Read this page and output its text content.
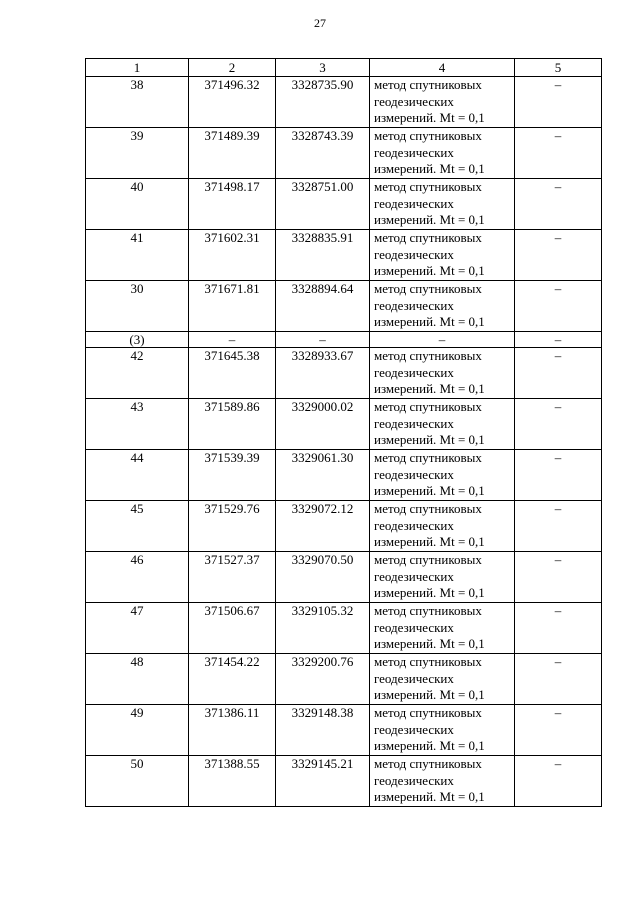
27
1	2	3	4	5
38	371496.32	3328735.90	метод спутниковых
геодезических
измерений. Mt = 0,1	–
39	371489.39	3328743.39	метод спутниковых
геодезических
измерений. Mt = 0,1	–
40	371498.17	3328751.00	метод спутниковых
геодезических
измерений. Mt = 0,1	–
41	371602.31	3328835.91	метод спутниковых
геодезических
измерений. Mt = 0,1	–
30	371671.81	3328894.64	метод спутниковых
геодезических
измерений. Mt = 0,1	–
(3)	–	–	–	–
42	371645.38	3328933.67	метод спутниковых
геодезических
измерений. Mt = 0,1	–
43	371589.86	3329000.02	метод спутниковых
геодезических
измерений. Mt = 0,1	–
44	371539.39	3329061.30	метод спутниковых
геодезических
измерений. Mt = 0,1	–
45	371529.76	3329072.12	метод спутниковых
геодезических
измерений. Mt = 0,1	–
46	371527.37	3329070.50	метод спутниковых
геодезических
измерений. Mt = 0,1	–
47	371506.67	3329105.32	метод спутниковых
геодезических
измерений. Mt = 0,1	–
48	371454.22	3329200.76	метод спутниковых
геодезических
измерений. Mt = 0,1	–
49	371386.11	3329148.38	метод спутниковых
геодезических
измерений. Mt = 0,1	–
50	371388.55	3329145.21	метод спутниковых
геодезических
измерений. Mt = 0,1	–
